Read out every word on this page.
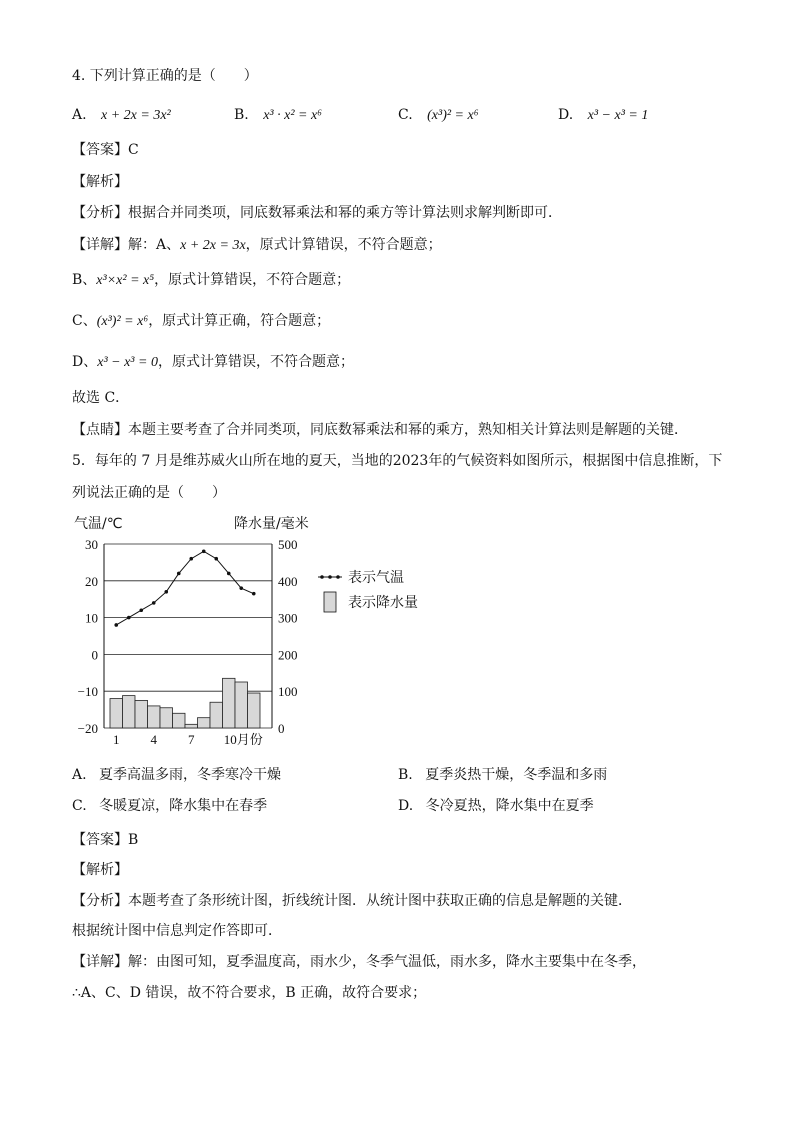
4. 下列计算正确的是（　　）
A. x + 2x = 3x²	B. x³ · x² = x⁶	C. (x³)² = x⁶	D. x³ − x³ = 1
【答案】C
【解析】
【分析】根据合并同类项，同底数幂乘法和幂的乘方等计算法则求解判断即可．
【详解】解：A、x + 2x = 3x，原式计算错误，不符合题意；
B、x³×x² = x⁵，原式计算错误，不符合题意；
C、(x³)² = x⁶，原式计算正确，符合题意；
D、x³ − x³ = 0，原式计算错误，不符合题意；
故选 C．
【点睛】本题主要考查了合并同类项，同底数幂乘法和幂的乘方，熟知相关计算法则是解题的关键．
5．每年的 7 月是维苏威火山所在地的夏天，当地的2023年的气候资料如图所示，根据图中信息推断，下
列说法正确的是（　　）
30
20
10
0
−10
−20
500
400
300
200
100
0
1 4 7 10月份
气温/℃	降水量/毫米
表示气温
表示降水量
A. 夏季高温多雨，冬季寒冷干燥	B. 夏季炎热干燥，冬季温和多雨
C. 冬暖夏凉，降水集中在春季	D. 冬冷夏热，降水集中在夏季
【答案】B
【解析】
【分析】本题考查了条形统计图，折线统计图．从统计图中获取正确的信息是解题的关键．
根据统计图中信息判定作答即可．
【详解】解：由图可知，夏季温度高，雨水少，冬季气温低，雨水多，降水主要集中在冬季，
∴A、C、D 错误，故不符合要求，B 正确，故符合要求；
